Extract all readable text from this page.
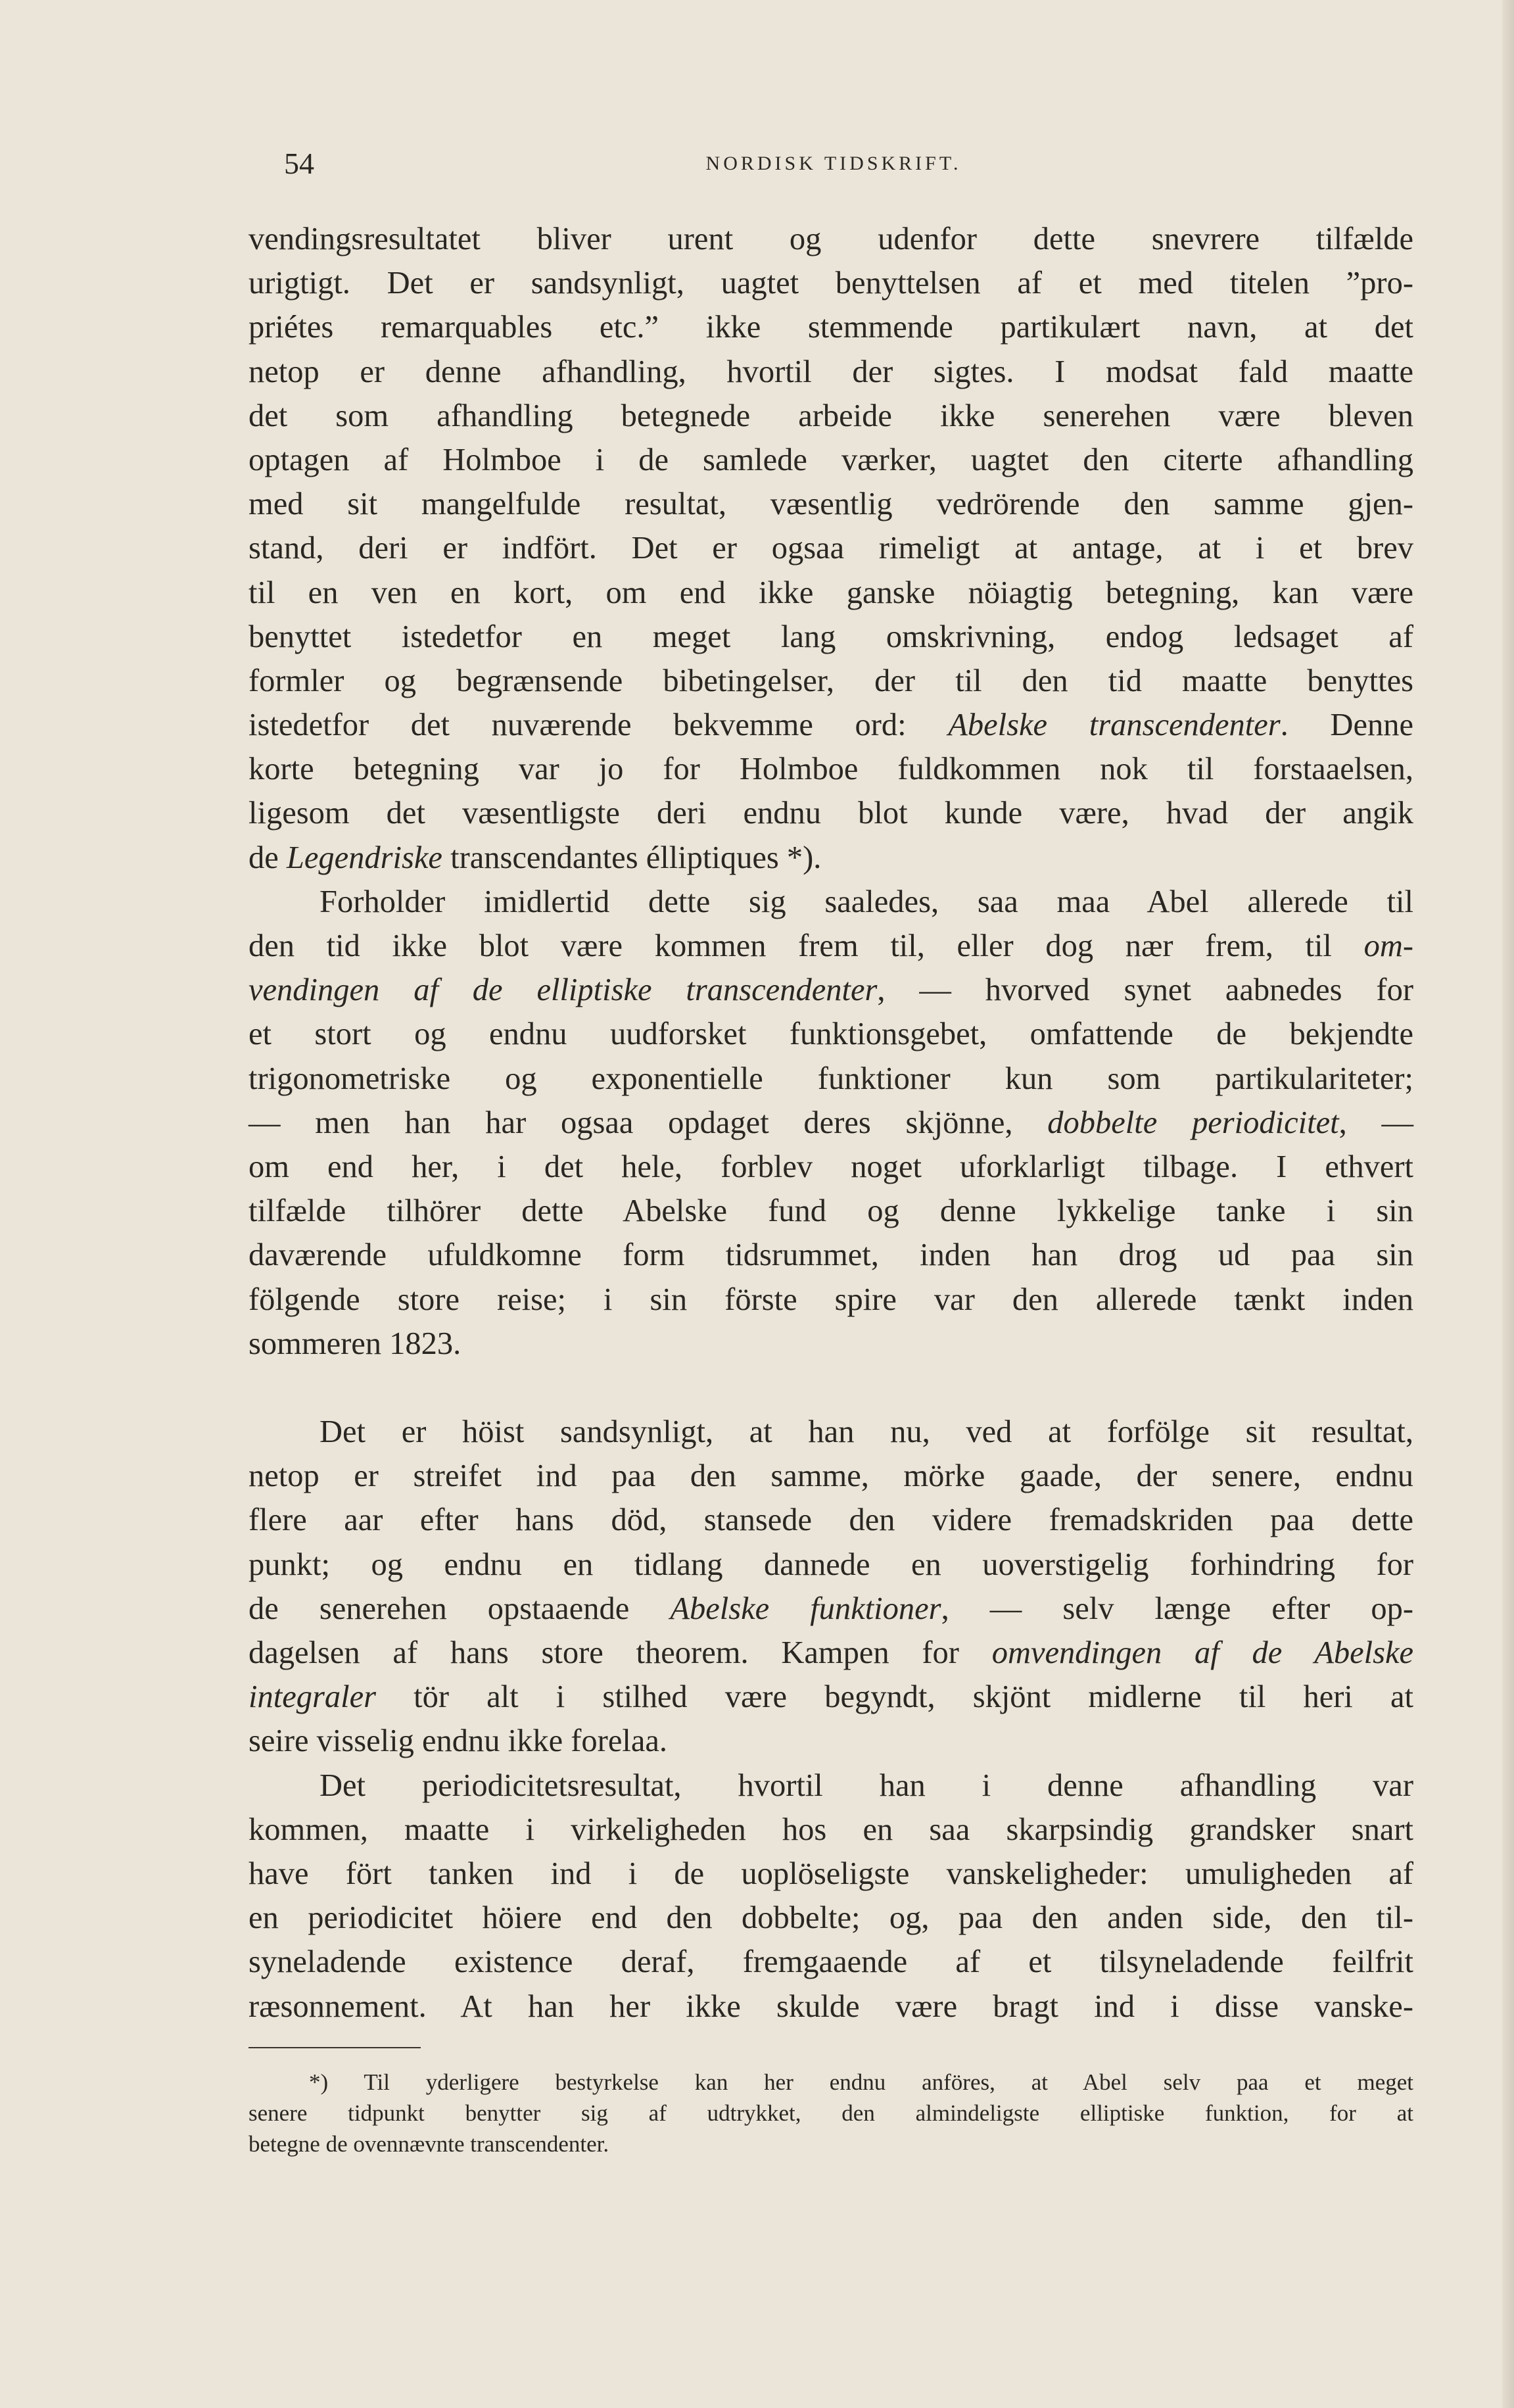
54	NORDISK TIDSKRIFT.
vendingsresultatet bliver urent og udenfor dette snevrere tilfælde
urigtigt. Det er sandsynligt, uagtet benyttelsen af et med titelen ”pro-
priétes remarquables etc.” ikke stemmende partikulært navn, at det
netop er denne afhandling, hvortil der sigtes. I modsat fald maatte
det som afhandling betegnede arbeide ikke senerehen være bleven
optagen af Holmboe i de samlede værker, uagtet den citerte afhandling
med sit mangelfulde resultat, væsentlig vedrörende den samme gjen-
stand, deri er indfört. Det er ogsaa rimeligt at antage, at i et brev
til en ven en kort, om end ikke ganske nöiagtig betegning, kan være
benyttet istedetfor en meget lang omskrivning, endog ledsaget af
formler og begrænsende bibetingelser, der til den tid maatte benyttes
istedetfor det nuværende bekvemme ord: Abelske transcendenter. Denne
korte betegning var jo for Holmboe fuldkommen nok til forstaaelsen,
ligesom det væsentligste deri endnu blot kunde være, hvad der angik
de Legendriske transcendantes élliptiques *).
Forholder imidlertid dette sig saaledes, saa maa Abel allerede til
den tid ikke blot være kommen frem til, eller dog nær frem, til om-
vendingen af de elliptiske transcendenter, — hvorved synet aabnedes for
et stort og endnu uudforsket funktionsgebet, omfattende de bekjendte
trigonometriske og exponentielle funktioner kun som partikulariteter;
— men han har ogsaa opdaget deres skjönne, dobbelte periodicitet, —
om end her, i det hele, forblev noget uforklarligt tilbage. I ethvert
tilfælde tilhörer dette Abelske fund og denne lykkelige tanke i sin
daværende ufuldkomne form tidsrummet, inden han drog ud paa sin
fölgende store reise; i sin förste spire var den allerede tænkt inden
sommeren 1823.
Det er höist sandsynligt, at han nu, ved at forfölge sit resultat,
netop er streifet ind paa den samme, mörke gaade, der senere, endnu
flere aar efter hans död, stansede den videre fremadskriden paa dette
punkt; og endnu en tidlang dannede en uoverstigelig forhindring for
de senerehen opstaaende Abelske funktioner, — selv længe efter op-
dagelsen af hans store theorem. Kampen for omvendingen af de Abelske
integraler tör alt i stilhed være begyndt, skjönt midlerne til heri at
seire visselig endnu ikke forelaa.
Det periodicitetsresultat, hvortil han i denne afhandling var
kommen, maatte i virkeligheden hos en saa skarpsindig grandsker snart
have fört tanken ind i de uoplöseligste vanskeligheder: umuligheden af
en periodicitet höiere end den dobbelte; og, paa den anden side, den til-
syneladende existence deraf, fremgaaende af et tilsyneladende feilfrit
ræsonnement. At han her ikke skulde være bragt ind i disse vanske-
*) Til yderligere bestyrkelse kan her endnu anföres, at Abel selv paa et meget
senere tidpunkt benytter sig af udtrykket, den almindeligste elliptiske funktion, for at
betegne de ovennævnte transcendenter.
